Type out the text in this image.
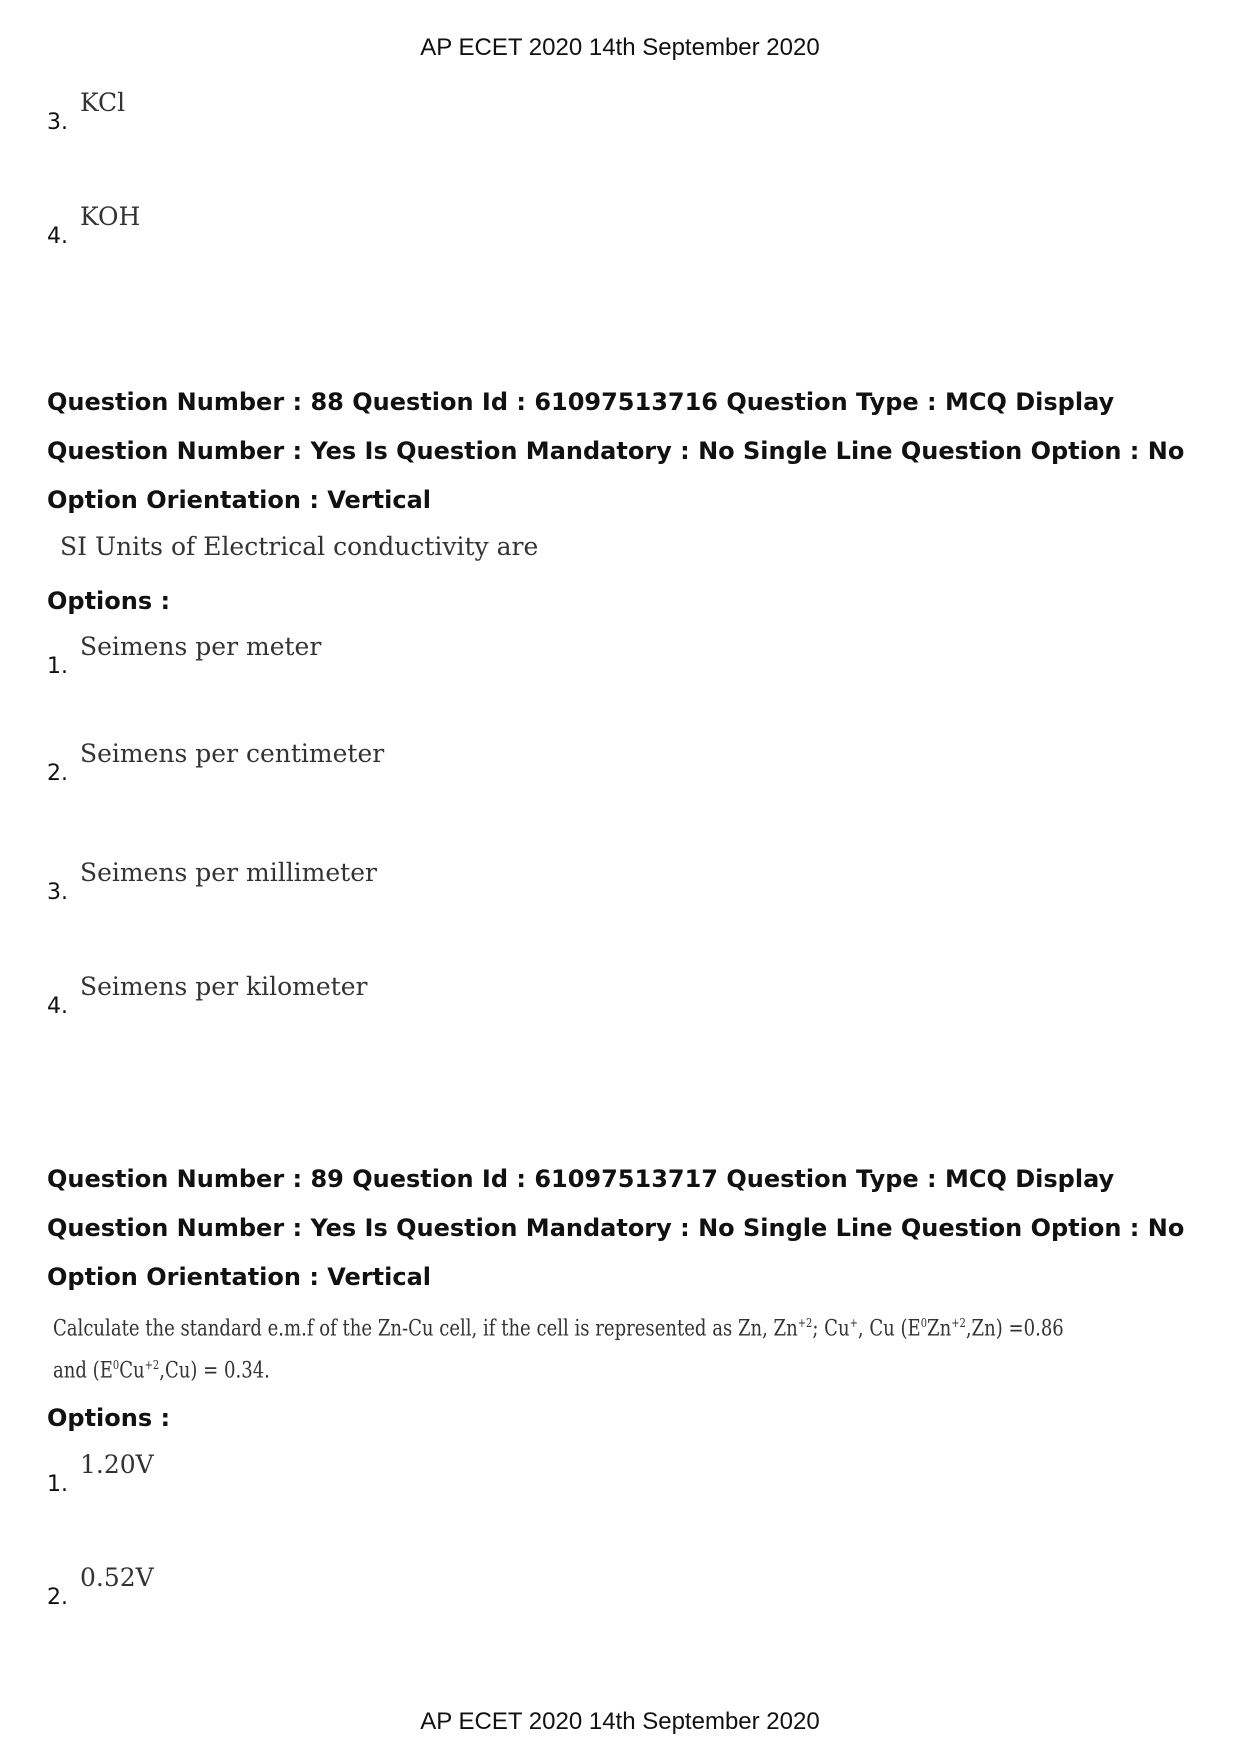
AP ECET 2020 14th September 2020
3.
KCl
4.
KOH
Question Number : 88 Question Id : 61097513716 Question Type : MCQ Display Question Number : Yes Is Question Mandatory : No Single Line Question Option : No Option Orientation : Vertical
SI Units of Electrical conductivity are
Options :
1.
Seimens per meter
2.
Seimens per centimeter
3.
Seimens per millimeter
4.
Seimens per kilometer
Question Number : 89 Question Id : 61097513717 Question Type : MCQ Display Question Number : Yes Is Question Mandatory : No Single Line Question Option : No Option Orientation : Vertical
Calculate the standard e.m.f of the Zn-Cu cell, if the cell is represented as Zn, $Zn^{+2}$; Cu+, Cu $(E^0Zn^{+2},Zn) =0.86$
and $(E^0Cu^{+2},Cu) = 0.34$.
Options :
1.
1.20V
2.
0.52V
AP ECET 2020 14th September 2020
